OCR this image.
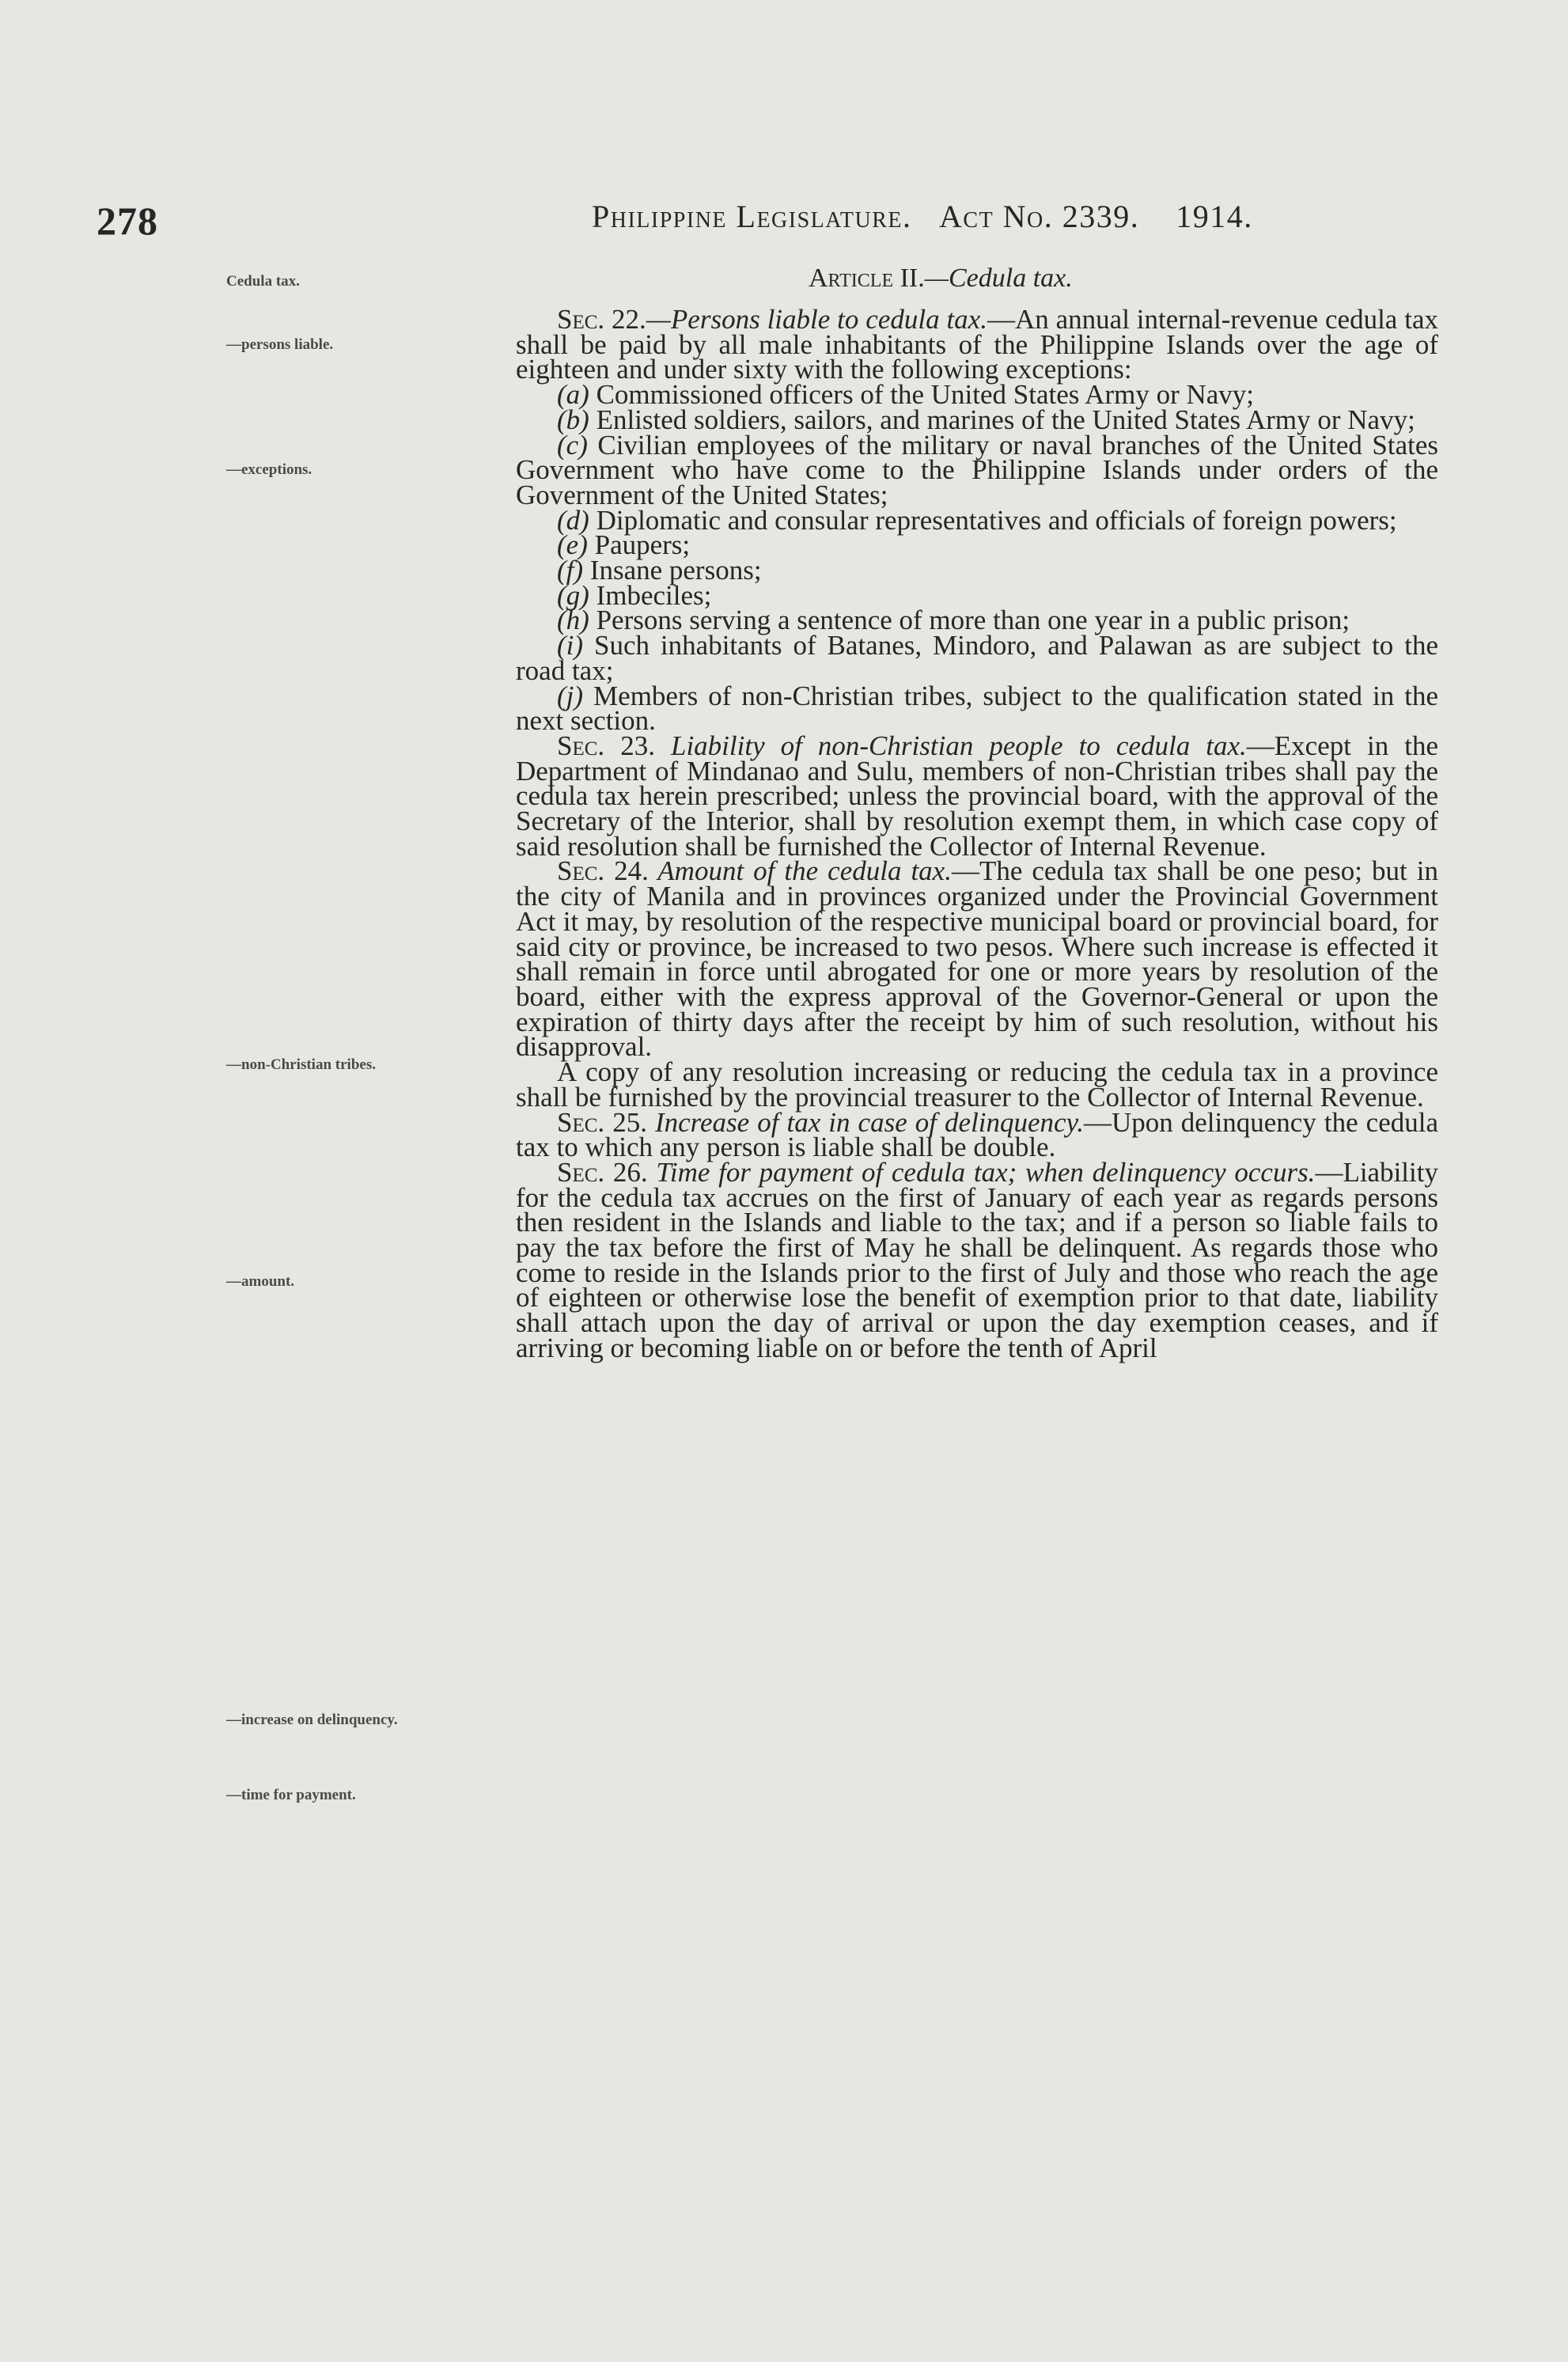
278	Philippine Legislature. Act No. 2339. 1914.
Cedula tax.
—persons liable.
—exceptions.
—non-Christian tribes.
—amount.
—increase on delinquency.
—time for payment.
Article II.—Cedula tax.

Sec. 22.—Persons liable to cedula tax.—An annual internal-revenue cedula tax shall be paid by all male inhabitants of the Philippine Islands over the age of eighteen and under sixty with the following exceptions:

(a) Commissioned officers of the United States Army or Navy;

(b) Enlisted soldiers, sailors, and marines of the United States Army or Navy;

(c) Civilian employees of the military or naval branches of the United States Government who have come to the Philippine Islands under orders of the Government of the United States;

(d) Diplomatic and consular representatives and officials of foreign powers;

(e) Paupers;

(f) Insane persons;

(g) Imbeciles;

(h) Persons serving a sentence of more than one year in a public prison;

(i) Such inhabitants of Batanes, Mindoro, and Palawan as are subject to the road tax;

(j) Members of non-Christian tribes, subject to the qualification stated in the next section.

Sec. 23. Liability of non-Christian people to cedula tax.—Except in the Department of Mindanao and Sulu, members of non-Christian tribes shall pay the cedula tax herein prescribed; unless the provincial board, with the approval of the Secretary of the Interior, shall by resolution exempt them, in which case copy of said resolution shall be furnished the Collector of Internal Revenue.

Sec. 24. Amount of the cedula tax.—The cedula tax shall be one peso; but in the city of Manila and in provinces organized under the Provincial Government Act it may, by resolution of the respective municipal board or provincial board, for said city or province, be increased to two pesos. Where such increase is effected it shall remain in force until abrogated for one or more years by resolution of the board, either with the express approval of the Governor-General or upon the expiration of thirty days after the receipt by him of such resolution, without his disapproval.

A copy of any resolution increasing or reducing the cedula tax in a province shall be furnished by the provincial treasurer to the Collector of Internal Revenue.

Sec. 25. Increase of tax in case of delinquency.—Upon delinquency the cedula tax to which any person is liable shall be double.

Sec. 26. Time for payment of cedula tax; when delinquency occurs.—Liability for the cedula tax accrues on the first of January of each year as regards persons then resident in the Islands and liable to the tax; and if a person so liable fails to pay the tax before the first of May he shall be delinquent. As regards those who come to reside in the Islands prior to the first of July and those who reach the age of eighteen or otherwise lose the benefit of exemption prior to that date, liability shall attach upon the day of arrival or upon the day exemption ceases, and if arriving or becoming liable on or before the tenth of April
